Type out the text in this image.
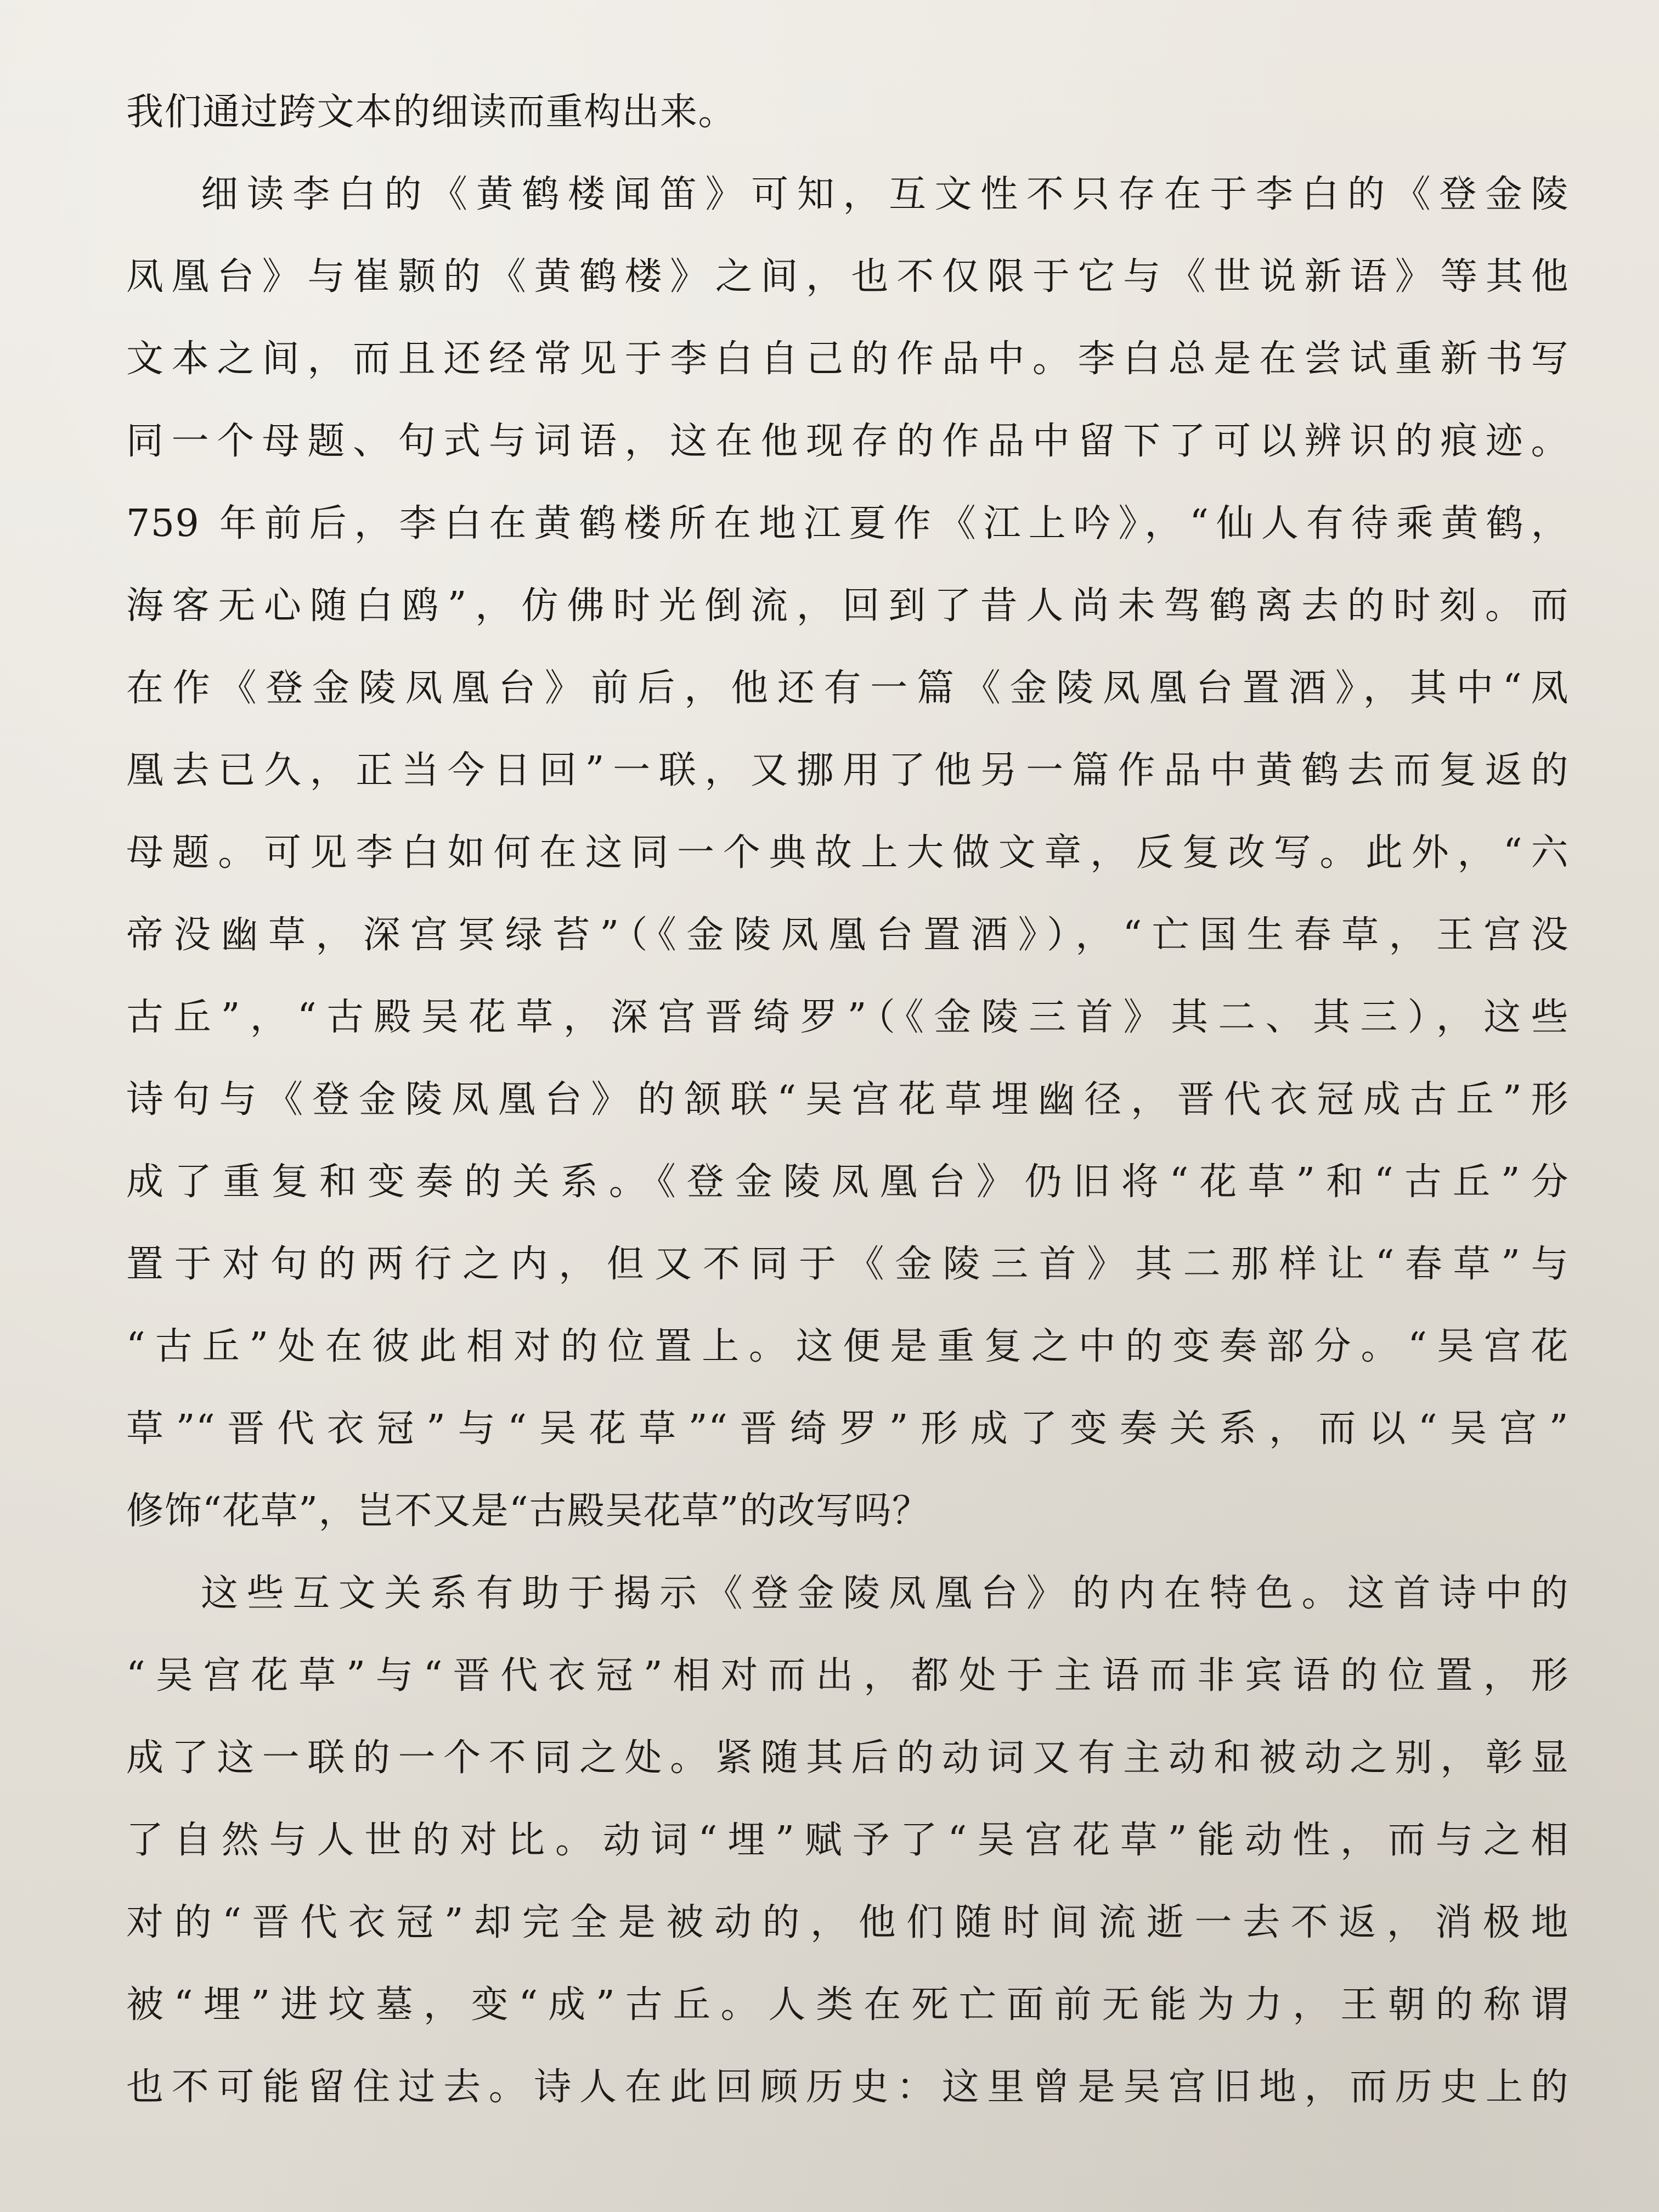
我们通过跨文本的细读而重构出来。
细读李白的《黄鹤楼闻笛》可知，互文性不只存在于李白的《登金陵
凤凰台》与崔颢的《黄鹤楼》之间，也不仅限于它与《世说新语》等其他
文本之间，而且还经常见于李白自己的作品中。李白总是在尝试重新书写
同一个母题、句式与词语，这在他现存的作品中留下了可以辨识的痕迹。
759 年前后，李白在黄鹤楼所在地江夏作《江上吟》，“仙人有待乘黄鹤，
海客无心随白鸥”，仿佛时光倒流，回到了昔人尚未驾鹤离去的时刻。而
在作《登金陵凤凰台》前后，他还有一篇《金陵凤凰台置酒》，其中“凤
凰去已久，正当今日回”一联，又挪用了他另一篇作品中黄鹤去而复返的
母题。可见李白如何在这同一个典故上大做文章，反复改写。此外，“六
帝没幽草，深宫冥绿苔”（《金陵凤凰台置酒》），“亡国生春草，王宫没
古丘”，“古殿吴花草，深宫晋绮罗”（《金陵三首》其二、其三），这些
诗句与《登金陵凤凰台》的颔联“吴宫花草埋幽径，晋代衣冠成古丘”形
成了重复和变奏的关系。《登金陵凤凰台》仍旧将“花草”和“古丘”分
置于对句的两行之内，但又不同于《金陵三首》其二那样让“春草”与
“古丘”处在彼此相对的位置上。这便是重复之中的变奏部分。“吴宫花
草”“晋代衣冠”与“吴花草”“晋绮罗”形成了变奏关系，而以“吴宫”
修饰“花草”，岂不又是“古殿吴花草”的改写吗？
这些互文关系有助于揭示《登金陵凤凰台》的内在特色。这首诗中的
“吴宫花草”与“晋代衣冠”相对而出，都处于主语而非宾语的位置，形
成了这一联的一个不同之处。紧随其后的动词又有主动和被动之别，彰显
了自然与人世的对比。动词“埋”赋予了“吴宫花草”能动性，而与之相
对的“晋代衣冠”却完全是被动的，他们随时间流逝一去不返，消极地
被“埋”进坟墓，变“成”古丘。人类在死亡面前无能为力，王朝的称谓
也不可能留住过去。诗人在此回顾历史：这里曾是吴宫旧地，而历史上的
